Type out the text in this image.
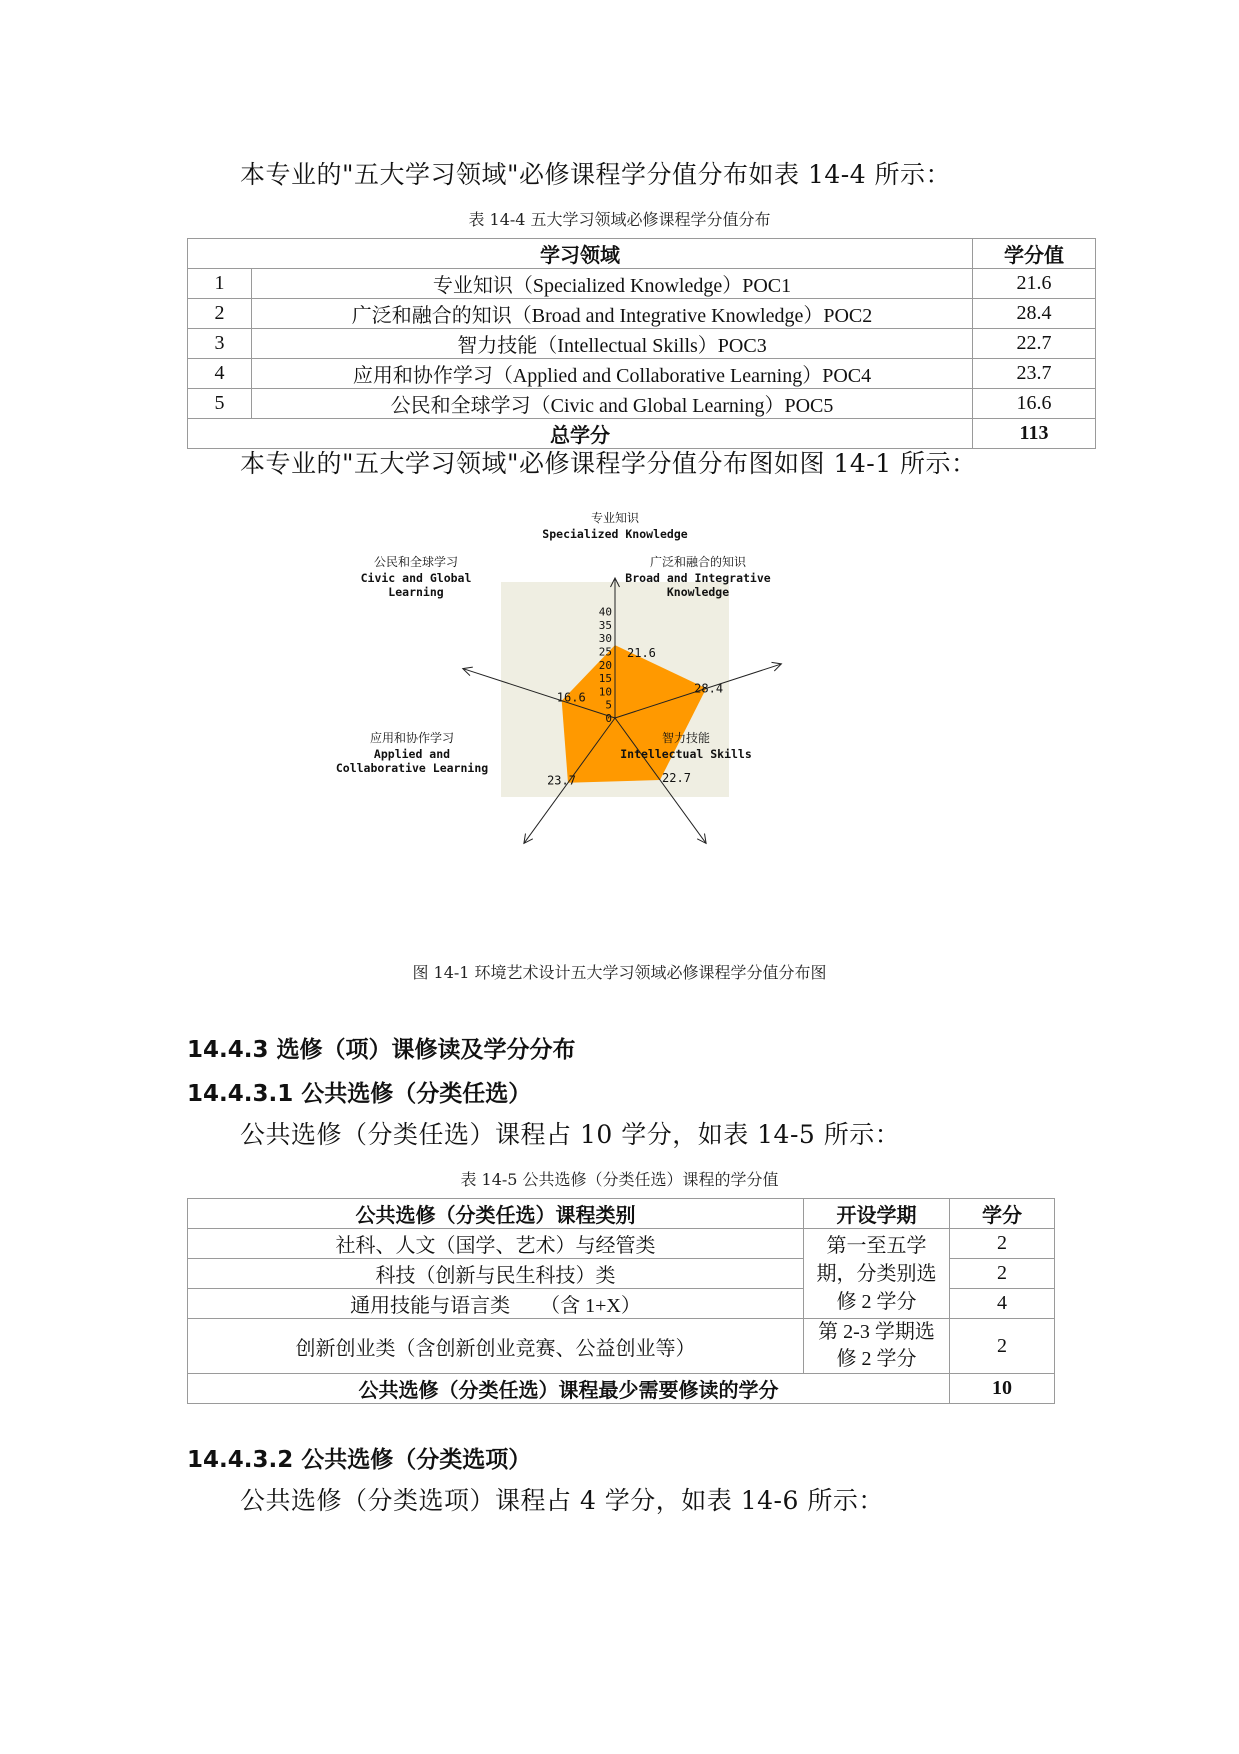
本专业的"五大学习领域"必修课程学分值分布如表 14-4 所示：
表 14-4 五大学习领域必修课程学分值分布
学习领域		学分值
1	专业知识（Specialized Knowledge）POC1	21.6
2	广泛和融合的知识（Broad and Integrative Knowledge）POC2	28.4
3	智力技能（Intellectual Skills）POC3	22.7
4	应用和协作学习（Applied and Collaborative Learning）POC4	23.7
5	公民和全球学习（Civic and Global Learning）POC5	16.6
总学分		113
本专业的"五大学习领域"必修课程学分值分布图如图 14-1 所示：
0
5
10
15
20
25
30
35
40
21.6
28.4
22.7
23.7
16.6
专业知识
Specialized Knowledge
广泛和融合的知识
Broad and Integrative
Knowledge
智力技能
Intellectual Skills
应用和协作学习
Applied and
Collaborative Learning
公民和全球学习
Civic and Global
Learning
图 14-1 环境艺术设计五大学习领域必修课程学分值分布图
14.4.3 选修（项）课修读及学分分布
14.4.3.1 公共选修（分类任选）
公共选修（分类任选）课程占 10 学分，如表 14-5 所示：
表 14-5 公共选修（分类任选）课程的学分值
公共选修（分类任选）课程类别	开设学期	学分
社科、人文（国学、艺术）与经管类	第一至五学
期，分类别选
修 2 学分	2
科技（创新与民生科技）类		2
通用技能与语言类      （含 1+X）		4
创新创业类（含创新创业竞赛、公益创业等）	第 2-3 学期选
修 2 学分	2
公共选修（分类任选）课程最少需要修读的学分		10
14.4.3.2 公共选修（分类选项）
公共选修（分类选项）课程占 4 学分，如表 14-6 所示：
